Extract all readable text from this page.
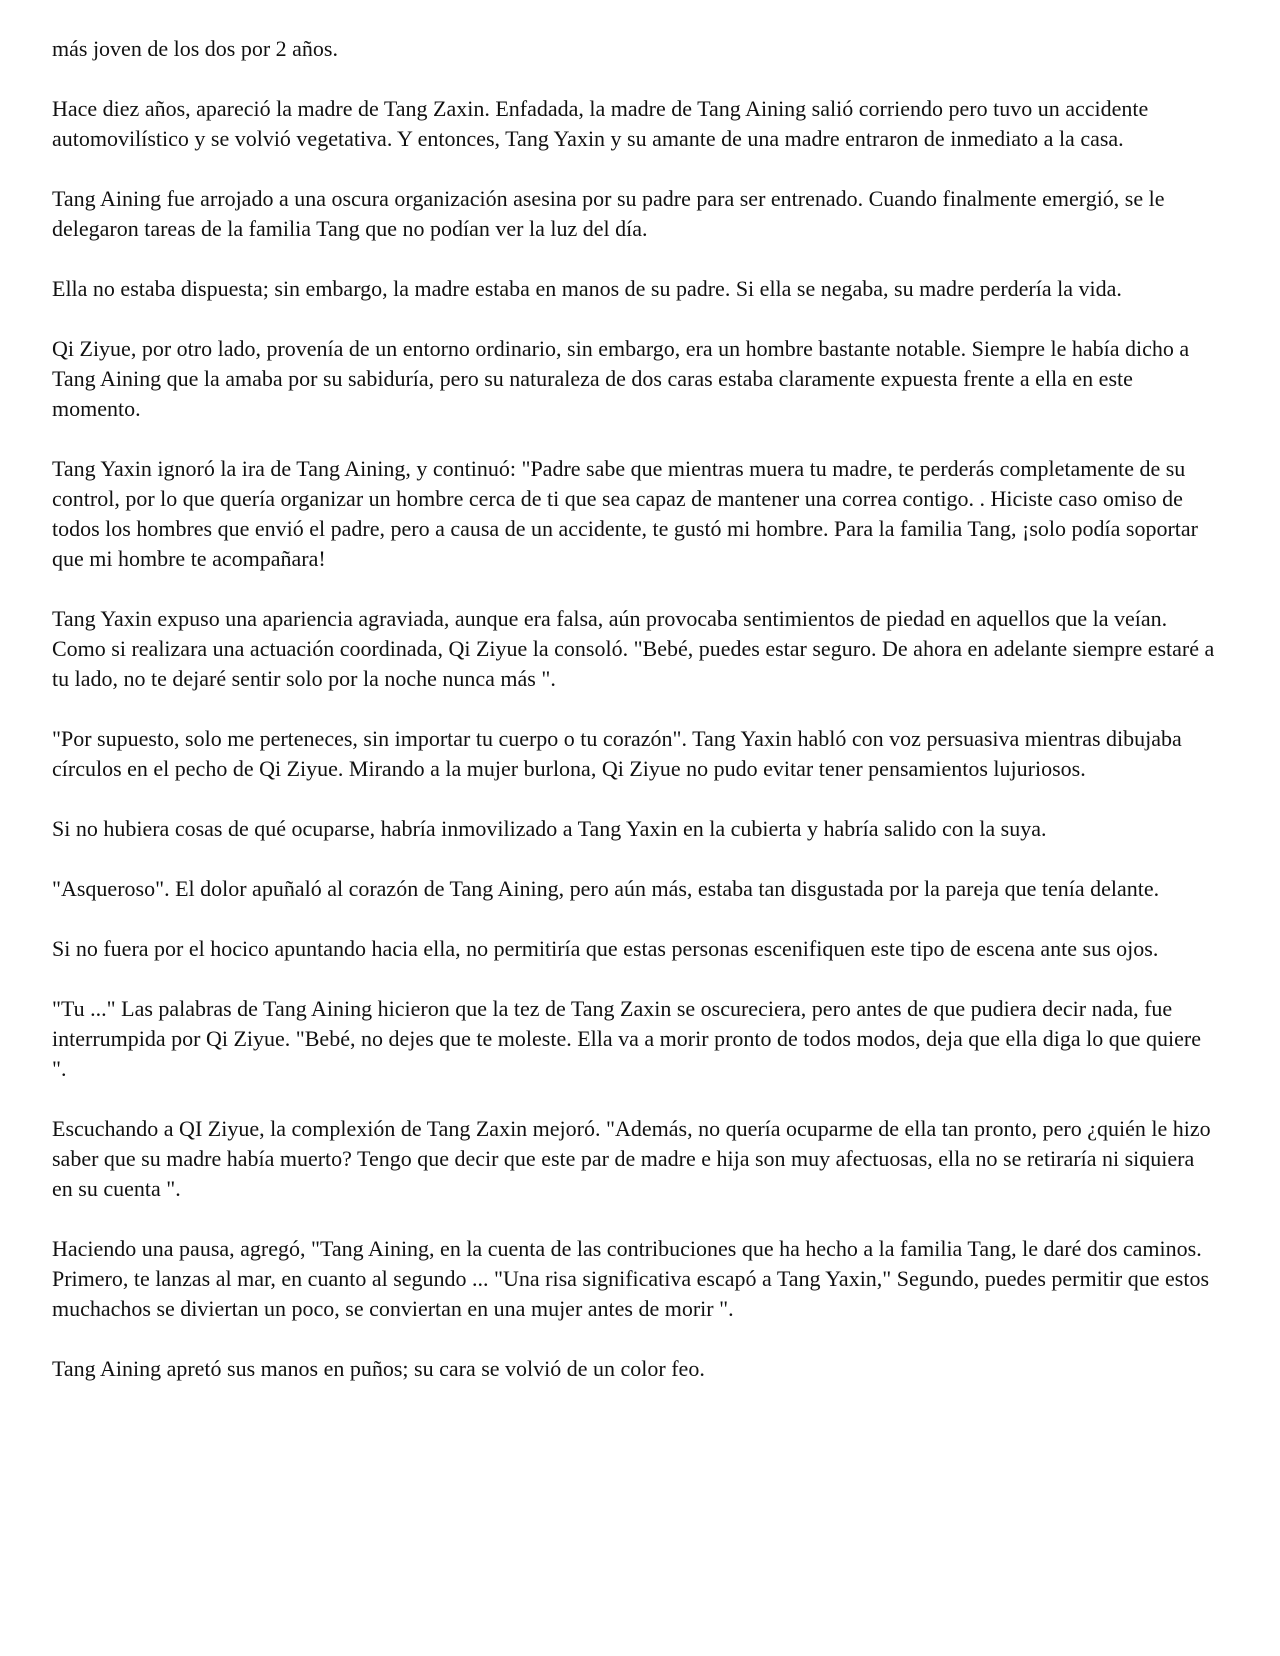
más joven de los dos por 2 años.

Hace diez años, apareció la madre de Tang Zaxin. Enfadada, la madre de Tang Aining salió corriendo pero tuvo un accidente automovilístico y se volvió vegetativa. Y entonces, Tang Yaxin y su amante de una madre entraron de inmediato a la casa.

Tang Aining fue arrojado a una oscura organización asesina por su padre para ser entrenado. Cuando finalmente emergió, se le delegaron tareas de la familia Tang que no podían ver la luz del día.

Ella no estaba dispuesta; sin embargo, la madre estaba en manos de su padre. Si ella se negaba, su madre perdería la vida.

Qi Ziyue, por otro lado, provenía de un entorno ordinario, sin embargo, era un hombre bastante notable. Siempre le había dicho a Tang Aining que la amaba por su sabiduría, pero su naturaleza de dos caras estaba claramente expuesta frente a ella en este momento.

Tang Yaxin ignoró la ira de Tang Aining, y continuó: "Padre sabe que mientras muera tu madre, te perderás completamente de su control, por lo que quería organizar un hombre cerca de ti que sea capaz de mantener una correa contigo. . Hiciste caso omiso de todos los hombres que envió el padre, pero a causa de un accidente, te gustó mi hombre. Para la familia Tang, ¡solo podía soportar que mi hombre te acompañara!

Tang Yaxin expuso una apariencia agraviada, aunque era falsa, aún provocaba sentimientos de piedad en aquellos que la veían. Como si realizara una actuación coordinada, Qi Ziyue la consoló. "Bebé, puedes estar seguro. De ahora en adelante siempre estaré a tu lado, no te dejaré sentir solo por la noche nunca más ".

"Por supuesto, solo me perteneces, sin importar tu cuerpo o tu corazón". Tang Yaxin habló con voz persuasiva mientras dibujaba círculos en el pecho de Qi Ziyue. Mirando a la mujer burlona, Qi Ziyue no pudo evitar tener pensamientos lujuriosos.

Si no hubiera cosas de qué ocuparse, habría inmovilizado a Tang Yaxin en la cubierta y habría salido con la suya.

"Asqueroso". El dolor apuñaló al corazón de Tang Aining, pero aún más, estaba tan disgustada por la pareja que tenía delante.

Si no fuera por el hocico apuntando hacia ella, no permitiría que estas personas escenifiquen este tipo de escena ante sus ojos.

"Tu ..." Las palabras de Tang Aining hicieron que la tez de Tang Zaxin se oscureciera, pero antes de que pudiera decir nada, fue interrumpida por Qi Ziyue. "Bebé, no dejes que te moleste. Ella va a morir pronto de todos modos, deja que ella diga lo que quiere ".

Escuchando a QI Ziyue, la complexión de Tang Zaxin mejoró. "Además, no quería ocuparme de ella tan pronto, pero ¿quién le hizo saber que su madre había muerto? Tengo que decir que este par de madre e hija son muy afectuosas, ella no se retiraría ni siquiera en su cuenta ".

Haciendo una pausa, agregó, "Tang Aining, en la cuenta de las contribuciones que ha hecho a la familia Tang, le daré dos caminos. Primero, te lanzas al mar, en cuanto al segundo ... "Una risa significativa escapó a Tang Yaxin," Segundo, puedes permitir que estos muchachos se diviertan un poco, se conviertan en una mujer antes de morir ".

Tang Aining apretó sus manos en puños; su cara se volvió de un color feo.
